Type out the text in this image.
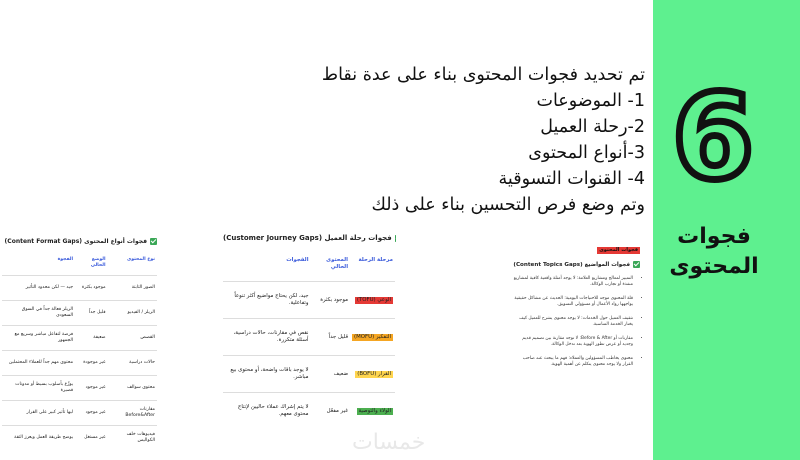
6
فجوات
المحتوى
تم تحديد فجوات المحتوى بناء على عدة نقاط
1- الموضوعات
2-رحلة العميل
3-أنواع المحتوى
4- القنوات التسوقية
وتم وضع فرص التحسين بناء على ذلك
فجوات أنواع المحتوى (Content Format Gaps)
نوع المحتوى	الوضع الحالي	الفجوة
الصور الثابتة	موجود بكثرة	جيد — لكن محدود التأثير
الريلز / الفيديو	قليل جداً	الريلز فعالة جداً في السوق السعودي
القصص	ضعيفة	فرصة لتفاعل مباشر وسريع مع الجمهور
حالات دراسية	غير موجودة	محتوى مهم جداً للعملاء المحتملين
محتوى سوالف	غير موجود	يوزّع بأسلوب بسيط أو مدونات قصيرة
مقارنات Before&After	غير موجود	ليها تأثير كبير على القرار
فيديوهات خلف الكواليس	غير مستغل	يوضح طريقة العمل ويعزز الثقة
فجوات رحلة العميل (Customer Journey Gaps)
مرحلة الرحلة	المحتوى الحالي	الفجوات
الوعي (TOFU)	موجود بكثرة	جيد، لكن يحتاج مواضيع أكثر تنوعاً وتفاعلية.
التفكير (MOFU)	قليل جداً	نقص في مقارنات، حالات دراسية، أسئلة متكررة.
القرار (BOFU)	ضعيف	لا يوجد باقات واضحة، أو محتوى بيع مباشر.
الولاء والتوصية	غير مفعّل	لا يتم إشراك عملاء حاليين لإنتاج محتوى معهم.
فجوات المحتوى
فجوات المواضيع (Content Topics Gaps)
• التمييز لمعالج ومشاريع العلامة: لا يوجد أمثلة واقعية كافية لمشاريع منفذة أو تجارب الوكالة.
• قلة المحتوى موجه للاحتياجات اليومية: الحديث عن مشاكل حقيقية يواجهها رواد الأعمال أو مسؤولي التسويق.
• تثقيف العميل حول الخدمات: لا يوجد محتوى يشرح للعميل كيف يختار الخدمة المناسبة.
• مقارنات أو Before & After: لا توجد مقارنة بين تصميم قديم وجديد أو عرض تطور الهوية بعد تدخل الوكالة.
• محتوى يخاطب المسؤولين والعملاء: فهم ما يبحث عنه صاحب القرار ولا يوجد محتوى يتكلم عن أهمية الهوية.
خمسات
